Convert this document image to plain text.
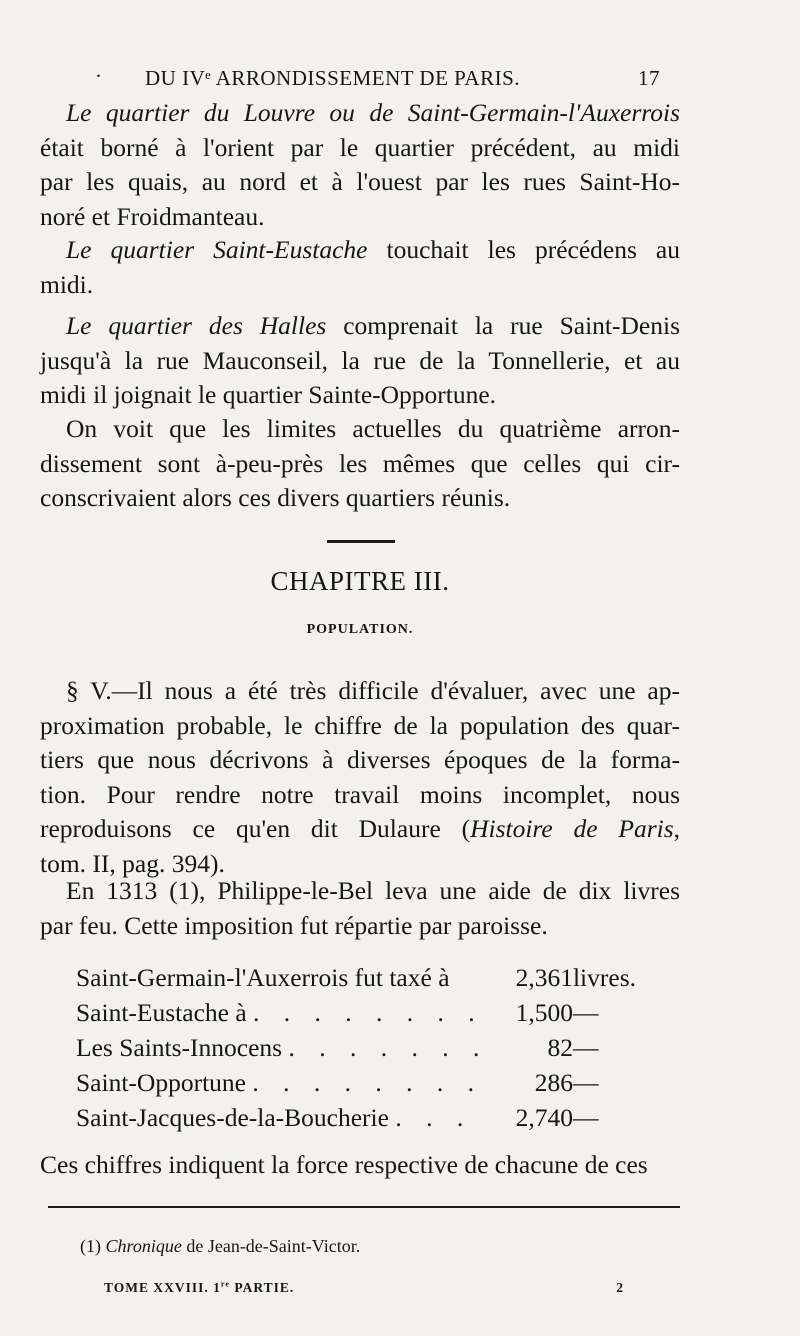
· DU IVᵉ ARRONDISSEMENT DE PARIS.	17
Le quartier du Louvre ou de Saint-Germain-l'Auxerrois
était borné à l'orient par le quartier précédent, au midi
par les quais, au nord et à l'ouest par les rues Saint-Ho-
noré et Froidmanteau.
Le quartier Saint-Eustache touchait les précédens au
midi.
Le quartier des Halles comprenait la rue Saint-Denis
jusqu'à la rue Mauconseil, la rue de la Tonnellerie, et au
midi il joignait le quartier Sainte-Opportune.
On voit que les limites actuelles du quatrième arron-
dissement sont à-peu-près les mêmes que celles qui cir-
conscrivaient alors ces divers quartiers réunis.
CHAPITRE III.
POPULATION.
§ V.—Il nous a été très difficile d'évaluer, avec une ap-
proximation probable, le chiffre de la population des quar-
tiers que nous décrivons à diverses époques de la forma-
tion. Pour rendre notre travail moins incomplet, nous
reproduisons ce qu'en dit Dulaure (Histoire de Paris,
tom. II, pag. 394).
En 1313 (1), Philippe-le-Bel leva une aide de dix livres
par feu. Cette imposition fut répartie par paroisse.
Saint-Germain-l'Auxerrois fut taxé à	2,361	livres.
Saint-Eustache à . . . . . . . .	1,500	—
Les Saints-Innocens . . . . . . .	82	—
Saint-Opportune . . . . . . . .	286	—
Saint-Jacques-de-la-Boucherie . . .	2,740	—
Ces chiffres indiquent la force respective de chacune de ces
(1) Chronique de Jean-de-Saint-Victor.
TOME XXVIII. 1re PARTIE.	2
